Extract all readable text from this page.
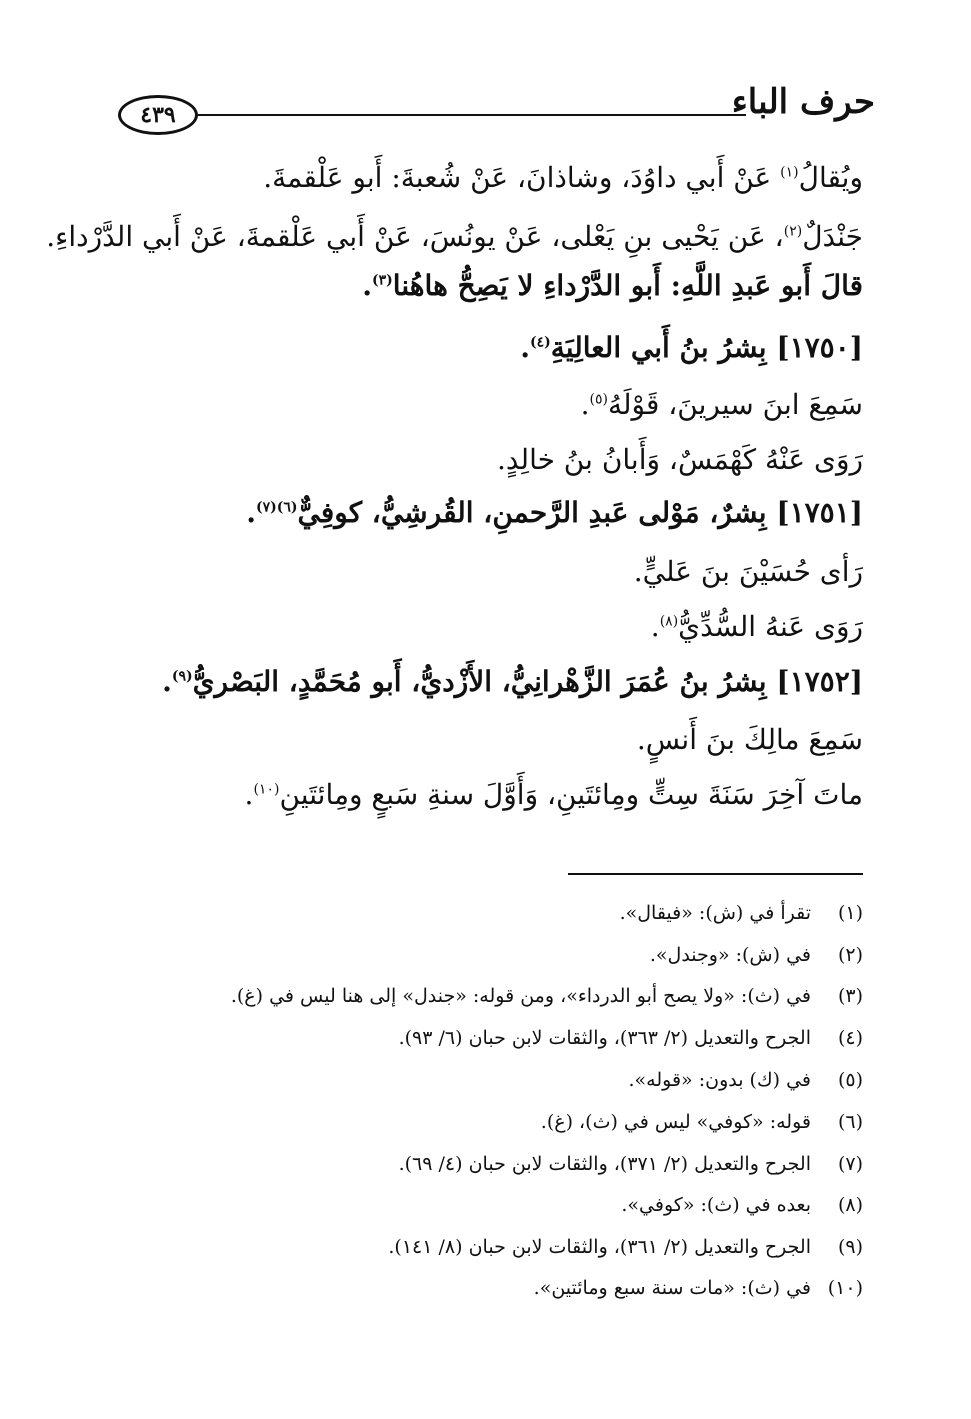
حرف الباء
٤٣٩
ويُقالُ$^{(١)}$ عَنْ أَبي داوُدَ، وشاذانَ، عَنْ شُعبةَ: أَبو عَلْقمةَ.
جَنْدَلٌ$^{(٢)}$، عَن يَحْيى بنِ يَعْلى، عَنْ يونُسَ، عَنْ أَبي عَلْقمةَ، عَنْ أَبي الدَّرْداءِ.
قالَ أَبو عَبدِ اللَّهِ: أَبو الدَّرْداءِ لا يَصِحُّ هاهُنا$^{(٣)}$.
[١٧٥٠] بِشرُ بنُ أَبي العالِيَةِ$^{(٤)}$.
سَمِعَ ابنَ سيرينَ، قَوْلَهُ$^{(٥)}$.
رَوَى عَنْهُ كَهْمَسٌ، وَأَبانُ بنُ خالِدٍ.
[١٧٥١] بِشرٌ، مَوْلى عَبدِ الرَّحمنِ، القُرشِيُّ، كوفِيٌّ$^{(٦)(٧)}$.
رَأى حُسَيْنَ بنَ عَليٍّ.
رَوَى عَنهُ السُّدِّيُّ$^{(٨)}$.
[١٧٥٢] بِشرُ بنُ عُمَرَ الزَّهْرانِيُّ، الأَزْديُّ، أَبو مُحَمَّدٍ، البَصْريُّ$^{(٩)}$.
سَمِعَ مالِكَ بنَ أَنسٍ.
ماتَ آخِرَ سَنَةَ سِتٍّ ومِائتَينِ، وَأَوَّلَ سنةِ سَبعٍ ومِائتَينِ$^{(١٠)}$.
(١)تقرأ في (ش): «فيقال».
(٢)في (ش): «وجندل».
(٣)في (ث): «ولا يصح أبو الدرداء»، ومن قوله: «جندل» إلى هنا ليس في (غ).
(٤)الجرح والتعديل (٢/ ٣٦٣)، والثقات لابن حبان (٦/ ٩٣).
(٥)في (ك) بدون: «قوله».
(٦)قوله: «كوفي» ليس في (ث)، (غ).
(٧)الجرح والتعديل (٢/ ٣٧١)، والثقات لابن حبان (٤/ ٦٩).
(٨)بعده في (ث): «كوفي».
(٩)الجرح والتعديل (٢/ ٣٦١)، والثقات لابن حبان (٨/ ١٤١).
(١٠)في (ث): «مات سنة سبع ومائتين».
